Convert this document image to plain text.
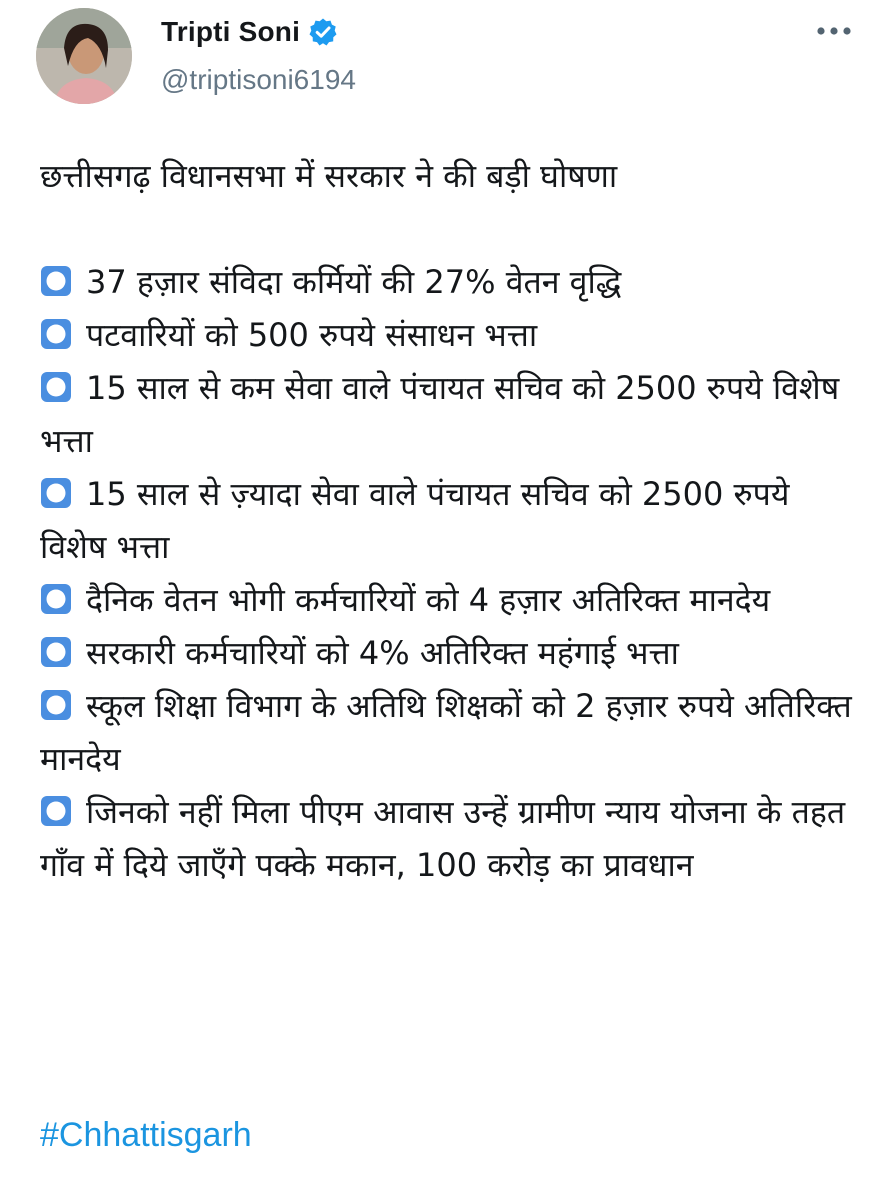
Tripti Soni
@triptisoni6194

छत्तीसगढ़ विधानसभा में सरकार ने की बड़ी घोषणा

37 हज़ार संविदा कर्मियों की 27% वेतन वृद्धि

पटवारियों को 500 रुपये संसाधन भत्ता

15 साल से कम सेवा वाले पंचायत सचिव को 2500 रुपये विशेष भत्ता

15 साल से ज़्यादा सेवा वाले पंचायत सचिव को 2500 रुपये विशेष भत्ता

दैनिक वेतन भोगी कर्मचारियों को 4 हज़ार अतिरिक्त मानदेय

सरकारी कर्मचारियों को 4% अतिरिक्त महंगाई भत्ता

स्कूल शिक्षा विभाग के अतिथि शिक्षकों को 2 हज़ार रुपये अतिरिक्त मानदेय

जिनको नहीं मिला पीएम आवास उन्हें ग्रामीण न्याय योजना के तहत गाँव में दिये जाएँगे पक्के मकान, 100 करोड़ का प्रावधान

#Chhattisgarh
